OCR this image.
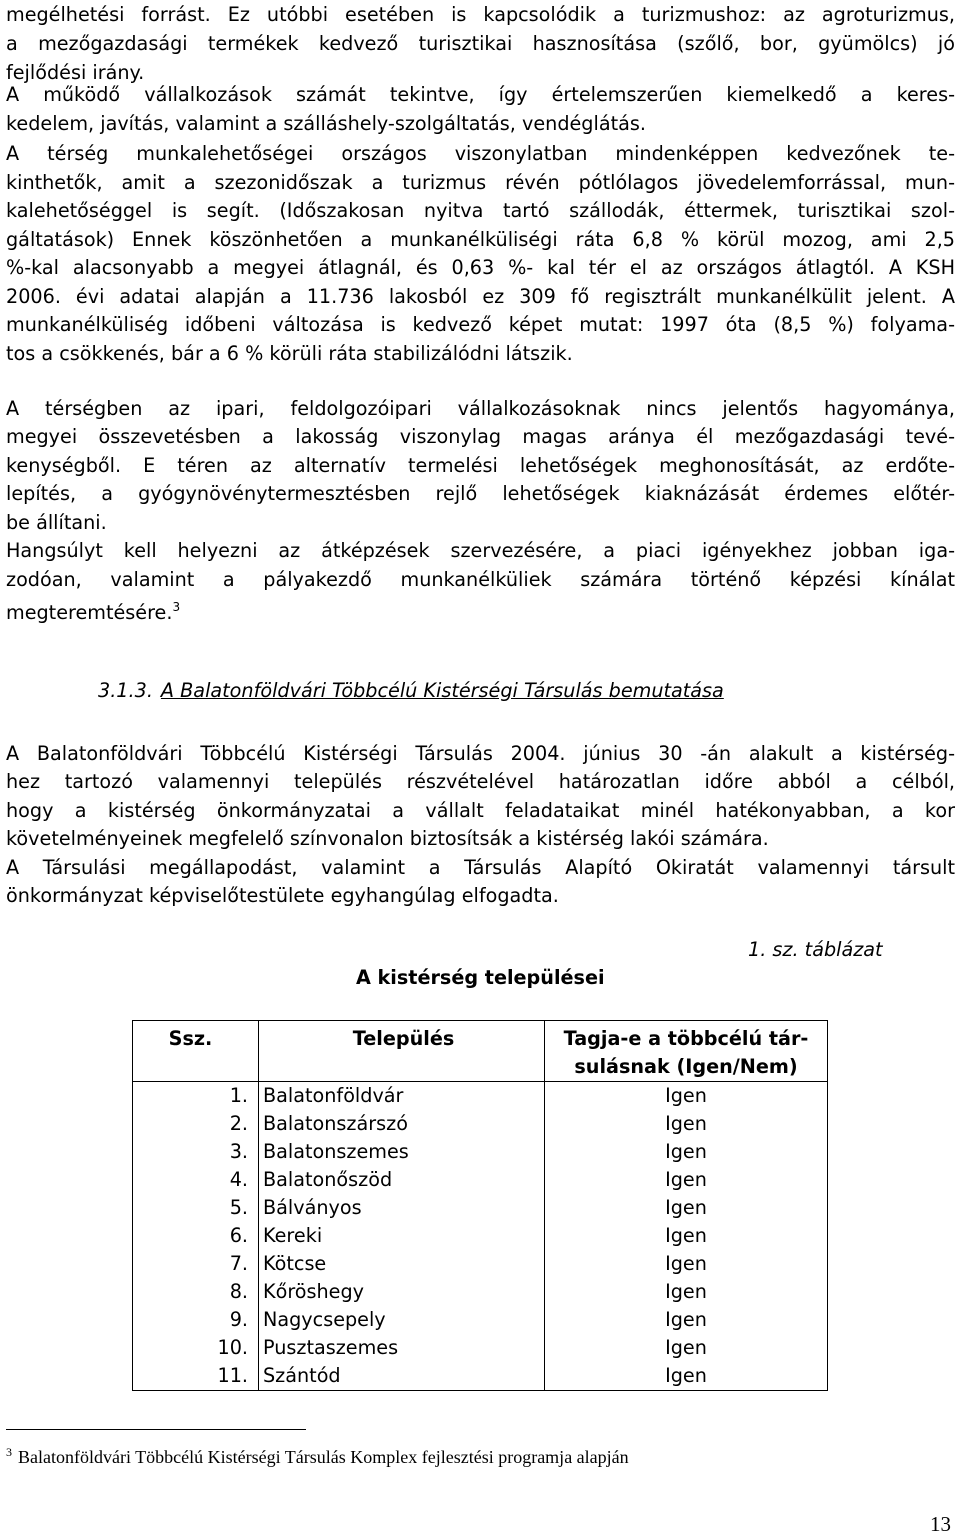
megélhetési forrást. Ez utóbbi esetében is kapcsolódik a turizmushoz: az agroturizmus,
a mezőgazdasági termékek kedvező turisztikai hasznosítása (szőlő, bor, gyümölcs) jó
fejlődési irány.
A működő vállalkozások számát tekintve, így értelemszerűen kiemelkedő a keres-
kedelem, javítás, valamint a szálláshely-szolgáltatás, vendéglátás.
A térség munkalehetőségei országos viszonylatban mindenképpen kedvezőnek te-
kinthetők, amit a szezonidőszak a turizmus révén pótlólagos jövedelemforrással, mun-
kalehetőséggel is segít. (Időszakosan nyitva tartó szállodák, éttermek, turisztikai szol-
gáltatások) Ennek köszönhetően a munkanélküliségi ráta 6,8 % körül mozog, ami 2,5
%-kal alacsonyabb a megyei átlagnál, és 0,63 %- kal tér el az országos átlagtól. A KSH
2006. évi adatai alapján a 11.736 lakosból ez 309 fő regisztrált munkanélkülit jelent. A
munkanélküliség időbeni változása is kedvező képet mutat: 1997 óta (8,5 %) folyama-
tos a csökkenés, bár a 6 % körüli ráta stabilizálódni látszik.
A térségben az ipari, feldolgozóipari vállalkozásoknak nincs jelentős hagyománya,
megyei összevetésben a lakosság viszonylag magas aránya él mezőgazdasági tevé-
kenységből. E téren az alternatív termelési lehetőségek meghonosítását, az erdőte-
lepítés, a gyógynövénytermesztésben rejlő lehetőségek kiaknázását érdemes előtér-
be állítani.
Hangsúlyt kell helyezni az átképzések szervezésére, a piaci igényekhez jobban iga-
zodóan, valamint a pályakezdő munkanélküliek számára történő képzési kínálat
megteremtésére.$^3$
3.1.3. A Balatonföldvári Többcélú Kistérségi Társulás bemutatása
A Balatonföldvári Többcélú Kistérségi Társulás 2004. június 30 -án alakult a kistérség-
hez tartozó valamennyi település részvételével határozatlan időre abból a célból,
hogy a kistérség önkormányzatai a vállalt feladataikat minél hatékonyabban, a kor
követelményeinek megfelelő színvonalon biztosítsák a kistérség lakói számára.
A Társulási megállapodást, valamint a Társulás Alapító Okiratát valamennyi társult
önkormányzat képviselőtestülete egyhangúlag elfogadta.
1. sz. táblázat
A kistérség települései
Ssz.	Település	Tagja-e a többcélú tár-
sulásnak (Igen/Nem)

1.	Balatonföldvár	Igen
2.	Balatonszárszó	Igen
3.	Balatonszemes	Igen
4.	Balatonőszöd	Igen
5.	Bálványos	Igen
6.	Kereki	Igen
7.	Kötcse	Igen
8.	Kőröshegy	Igen
9.	Nagycsepely	Igen
10.	Pusztaszemes	Igen
11.	Szántód	Igen
$^3$ Balatonföldvári Többcélú Kistérségi Társulás Komplex fejlesztési programja alapján
13
